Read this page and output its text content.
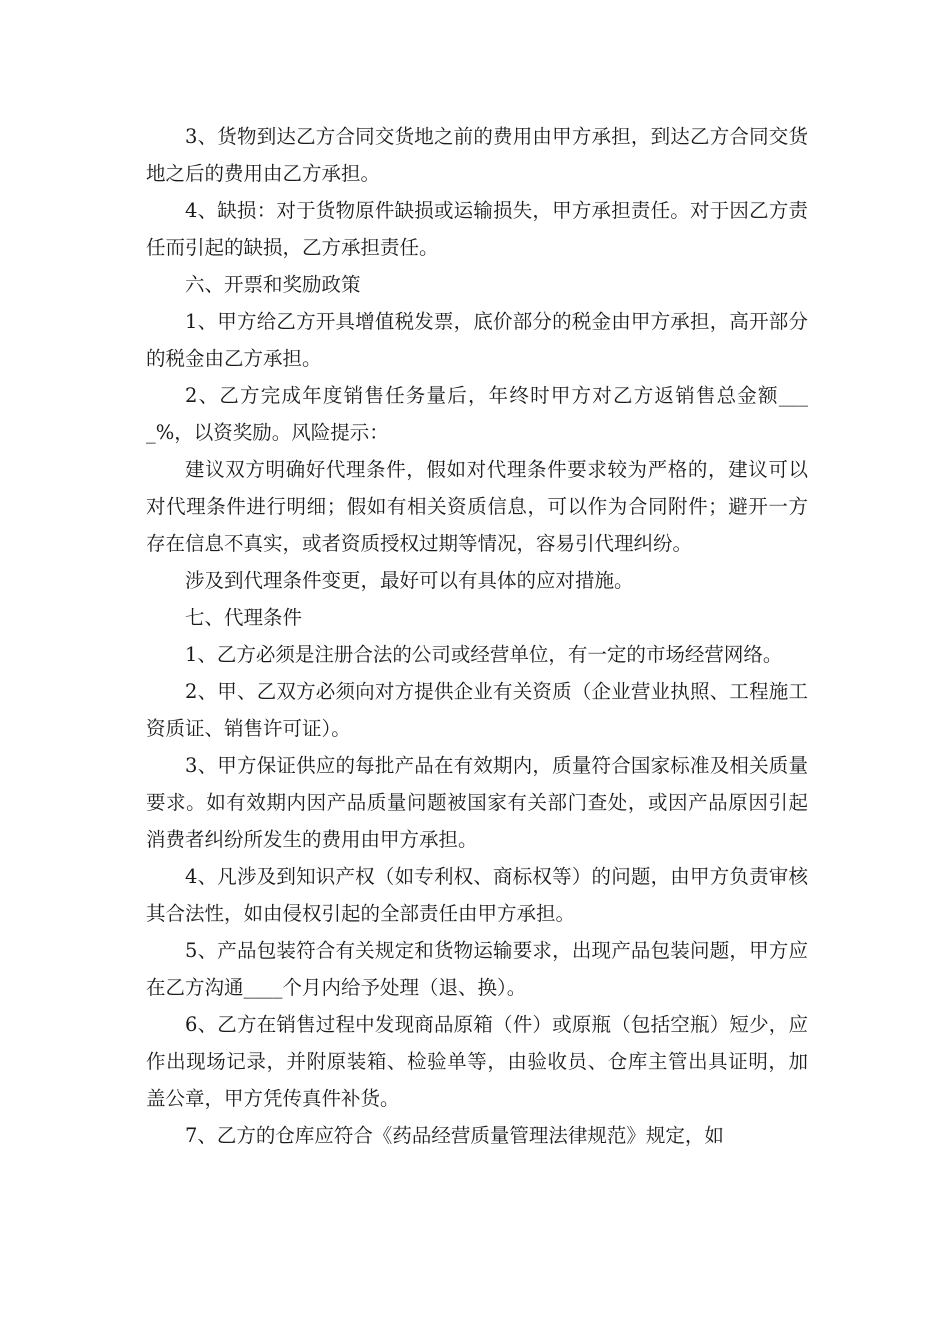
3、货物到达乙方合同交货地之前的费用由甲方承担，到达乙方合同交货地之后的费用由乙方承担。

4、缺损：对于货物原件缺损或运输损失，甲方承担责任。对于因乙方责任而引起的缺损，乙方承担责任。

六、开票和奖励政策

1、甲方给乙方开具增值税发票，底价部分的税金由甲方承担，高开部分的税金由乙方承担。

2、乙方完成年度销售任务量后，年终时甲方对乙方返销售总金额____%，以资奖励。风险提示：

建议双方明确好代理条件，假如对代理条件要求较为严格的，建议可以对代理条件进行明细；假如有相关资质信息，可以作为合同附件；避开一方存在信息不真实，或者资质授权过期等情况，容易引代理纠纷。

涉及到代理条件变更，最好可以有具体的应对措施。

七、代理条件

1、乙方必须是注册合法的公司或经营单位，有一定的市场经营网络。

2、甲、乙双方必须向对方提供企业有关资质（企业营业执照、工程施工资质证、销售许可证）。

3、甲方保证供应的每批产品在有效期内，质量符合国家标准及相关质量要求。如有效期内因产品质量问题被国家有关部门查处，或因产品原因引起消费者纠纷所发生的费用由甲方承担。

4、凡涉及到知识产权（如专利权、商标权等）的问题，由甲方负责审核其合法性，如由侵权引起的全部责任由甲方承担。

5、产品包装符合有关规定和货物运输要求，出现产品包装问题，甲方应在乙方沟通____个月内给予处理（退、换）。

6、乙方在销售过程中发现商品原箱（件）或原瓶（包括空瓶）短少，应作出现场记录，并附原装箱、检验单等，由验收员、仓库主管出具证明，加盖公章，甲方凭传真件补货。

7、乙方的仓库应符合《药品经营质量管理法律规范》规定，如
